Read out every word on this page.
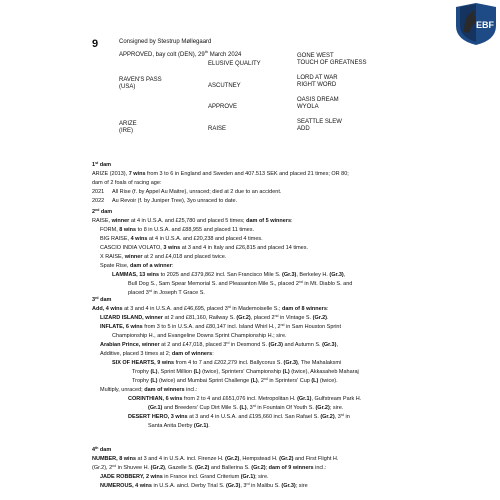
EBF
9	Consigned by Stestrup Møllegaard
APPROVED, bay colt (DEN), 29th March 2024
RAVEN'S PASS
(USA)
ELUSIVE QUALITY
ASCUTNEY
GONE WEST
TOUCH OF GREATNESS
LORD AT WAR
RIGHT WORD
ARIZE
(IRE)
APPROVE
RAISE
OASIS DREAM
WYOLA
SEATTLE SLEW
ADD
1st dam
ARIZE (2013), 7 wins from 3 to 6 in England and Sweden and 407.513 SEK and placed 21 times; OR 80;
dam of 2 foals of racing age:
2021 All Rise (f. by Appel Au Maitre), unraced; died at 2 due to an accident.
2022 Au Revoir (f. by Juniper Tree), 3yo unraced to date.
2nd dam
RAISE, winner at 4 in U.S.A. and £25,780 and placed 5 times; dam of 5 winners:
FORM, 8 wins to 8 in U.S.A. and £88,955 and placed 11 times.
BIG RAISE, 4 wins at 4 in U.S.A. and £20,238 and placed 4 times.
CASCIO INDIA VOLATO, 3 wins at 3 and 4 in Italy and £26,815 and placed 14 times.
X RAISE, winner at 2 and £4,018 and placed twice.
Spate Rise, dam of a winner:
LAMMAS, 13 wins to 2025 and £379,862 incl. San Francisco Mile S. (Gr.3), Berkeley H. (Gr.3),
Bull Dog S., Sam Spear Memorial S. and Pleasanton Mile S., placed 2nd in Mt. Diablo S. and
placed 3rd in Joseph T Grace S.
3rd dam
Add, 4 wins at 3 and 4 in U.S.A. and £46,695, placed 3rd in Mademoiselle S.; dam of 8 winners:
LIZARD ISLAND, winner at 2 and £81,160, Railway S. (Gr.2), placed 2nd in Vintage S. (Gr.2).
INFLATE, 6 wins from 3 to 5 in U.S.A. and £80,147 incl. Island Whirl H., 2nd in Sam Houston Sprint
Championship H., and Evangeline Downs Sprint Championship H.; sire.
Arabian Prince, winner at 2 and £47,018, placed 3rd in Desmond S. (Gr.3) and Autumn S. (Gr.3),
Additive, placed 3 times at 2; dam of winners:
SIX OF HEARTS, 9 wins from 4 to 7 and £202,279 incl. Ballycorus S. (Gr.3), The Mahalaksmi
Trophy (L), Sprint Million (L) (twice), Sprinters' Championship (L) (twice), Akkasaheb Maharaj
Trophy (L) (twice) and Mumbai Sprint Challenge (L), 2nd in Sprinters' Cup (L) (twice).
Multiply, unraced; dam of winners incl.:
CORINTHIAN, 6 wins from 2 to 4 and £651,076 incl. Metropolitan H. (Gr.1), Gulfstream Park H.
(Gr.1) and Breeders' Cup Dirt Mile S. (L), 3rd in Fountain Of Youth S. (Gr.2); sire.
DESERT HERO, 3 wins at 3 and 4 in U.S.A. and £195,660 incl. San Rafael S. (Gr.2), 3rd in
Santa Anita Derby (Gr.1).
4th dam
NUMBER, 8 wins at 3 and 4 in U.S.A. incl. Firenze H. (Gr.2), Hempstead H. (Gr.2) and First Flight H.
(Gr.2), 2nd in Shuvee H. (Gr.2), Gazelle S. (Gr.2) and Ballerina S. (Gr.2); dam of 9 winners incl.:
JADE ROBBERY, 2 wins in France incl. Grand Criterium (Gr.1); sire.
NUMEROUS, 4 wins in U.S.A. aincl. Derby Trial S. (Gr.3), 3rd in Malibu S. (Gr.3); sire
